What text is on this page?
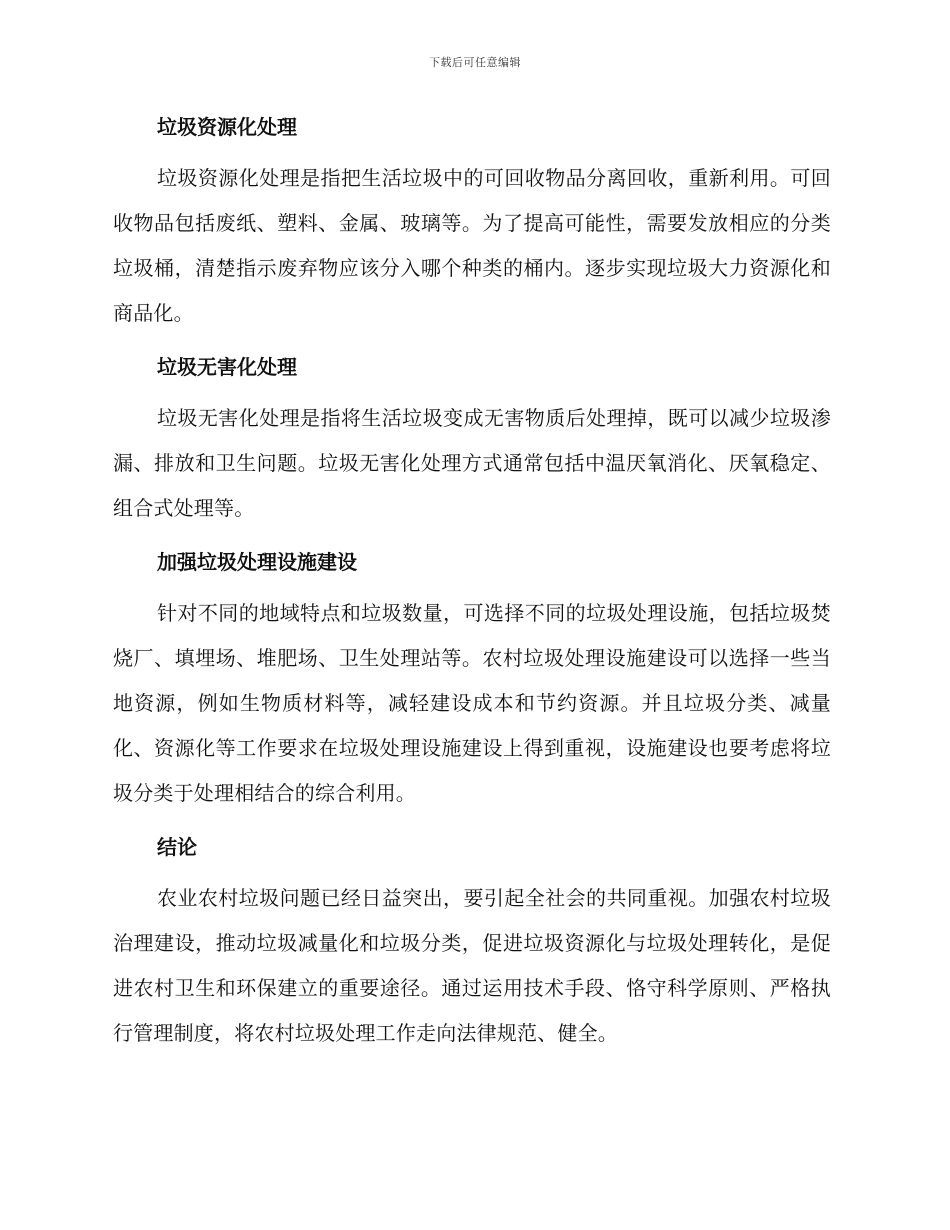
下载后可任意编辑
垃圾资源化处理

垃圾资源化处理是指把生活垃圾中的可回收物品分离回收，重新利用。可回收物品包括废纸、塑料、金属、玻璃等。为了提高可能性，需要发放相应的分类垃圾桶，清楚指示废弃物应该分入哪个种类的桶内。逐步实现垃圾大力资源化和商品化。

垃圾无害化处理

垃圾无害化处理是指将生活垃圾变成无害物质后处理掉，既可以减少垃圾渗漏、排放和卫生问题。垃圾无害化处理方式通常包括中温厌氧消化、厌氧稳定、组合式处理等。

加强垃圾处理设施建设

针对不同的地域特点和垃圾数量，可选择不同的垃圾处理设施，包括垃圾焚烧厂、填埋场、堆肥场、卫生处理站等。农村垃圾处理设施建设可以选择一些当地资源，例如生物质材料等，减轻建设成本和节约资源。并且垃圾分类、减量化、资源化等工作要求在垃圾处理设施建设上得到重视，设施建设也要考虑将垃圾分类于处理相结合的综合利用。

结论

农业农村垃圾问题已经日益突出，要引起全社会的共同重视。加强农村垃圾治理建设，推动垃圾减量化和垃圾分类，促进垃圾资源化与垃圾处理转化，是促进农村卫生和环保建立的重要途径。通过运用技术手段、恪守科学原则、严格执行管理制度，将农村垃圾处理工作走向法律规范、健全。
